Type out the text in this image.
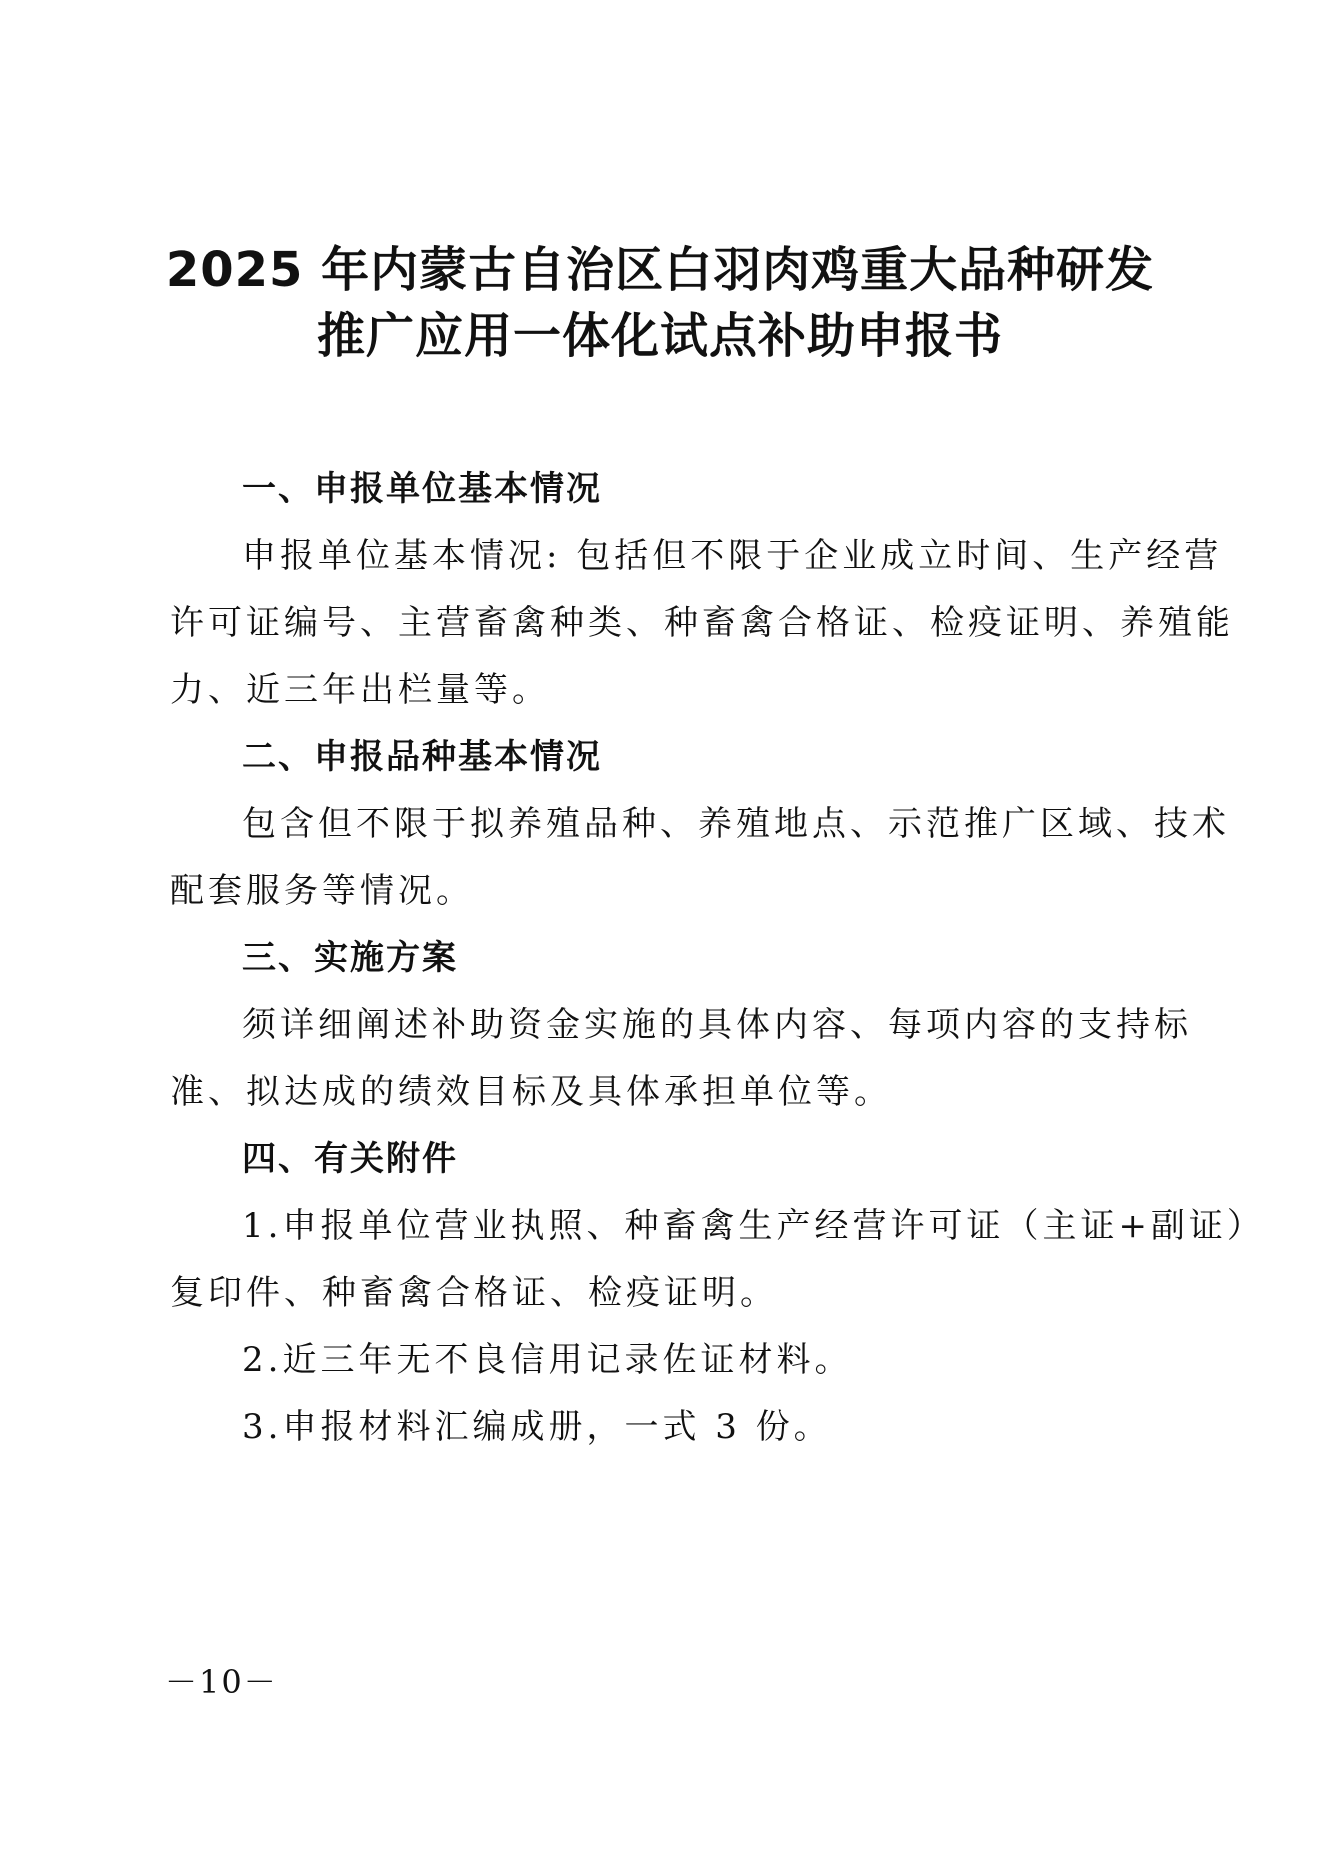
2025 年内蒙古自治区白羽肉鸡重大品种研发
推广应用一体化试点补助申报书
一、申报单位基本情况
申报单位基本情况: 包括但不限于企业成立时间、生产经营
许可证编号、主营畜禽种类、种畜禽合格证、检疫证明、养殖能
力、近三年出栏量等。
二、申报品种基本情况
包含但不限于拟养殖品种、养殖地点、示范推广区域、技术
配套服务等情况。
三、实施方案
须详细阐述补助资金实施的具体内容、每项内容的支持标
准、拟达成的绩效目标及具体承担单位等。
四、有关附件
1.申报单位营业执照、种畜禽生产经营许可证（主证+副证）
复印件、种畜禽合格证、检疫证明。
2.近三年无不良信用记录佐证材料。
3.申报材料汇编成册，一式 3 份。
－10－
